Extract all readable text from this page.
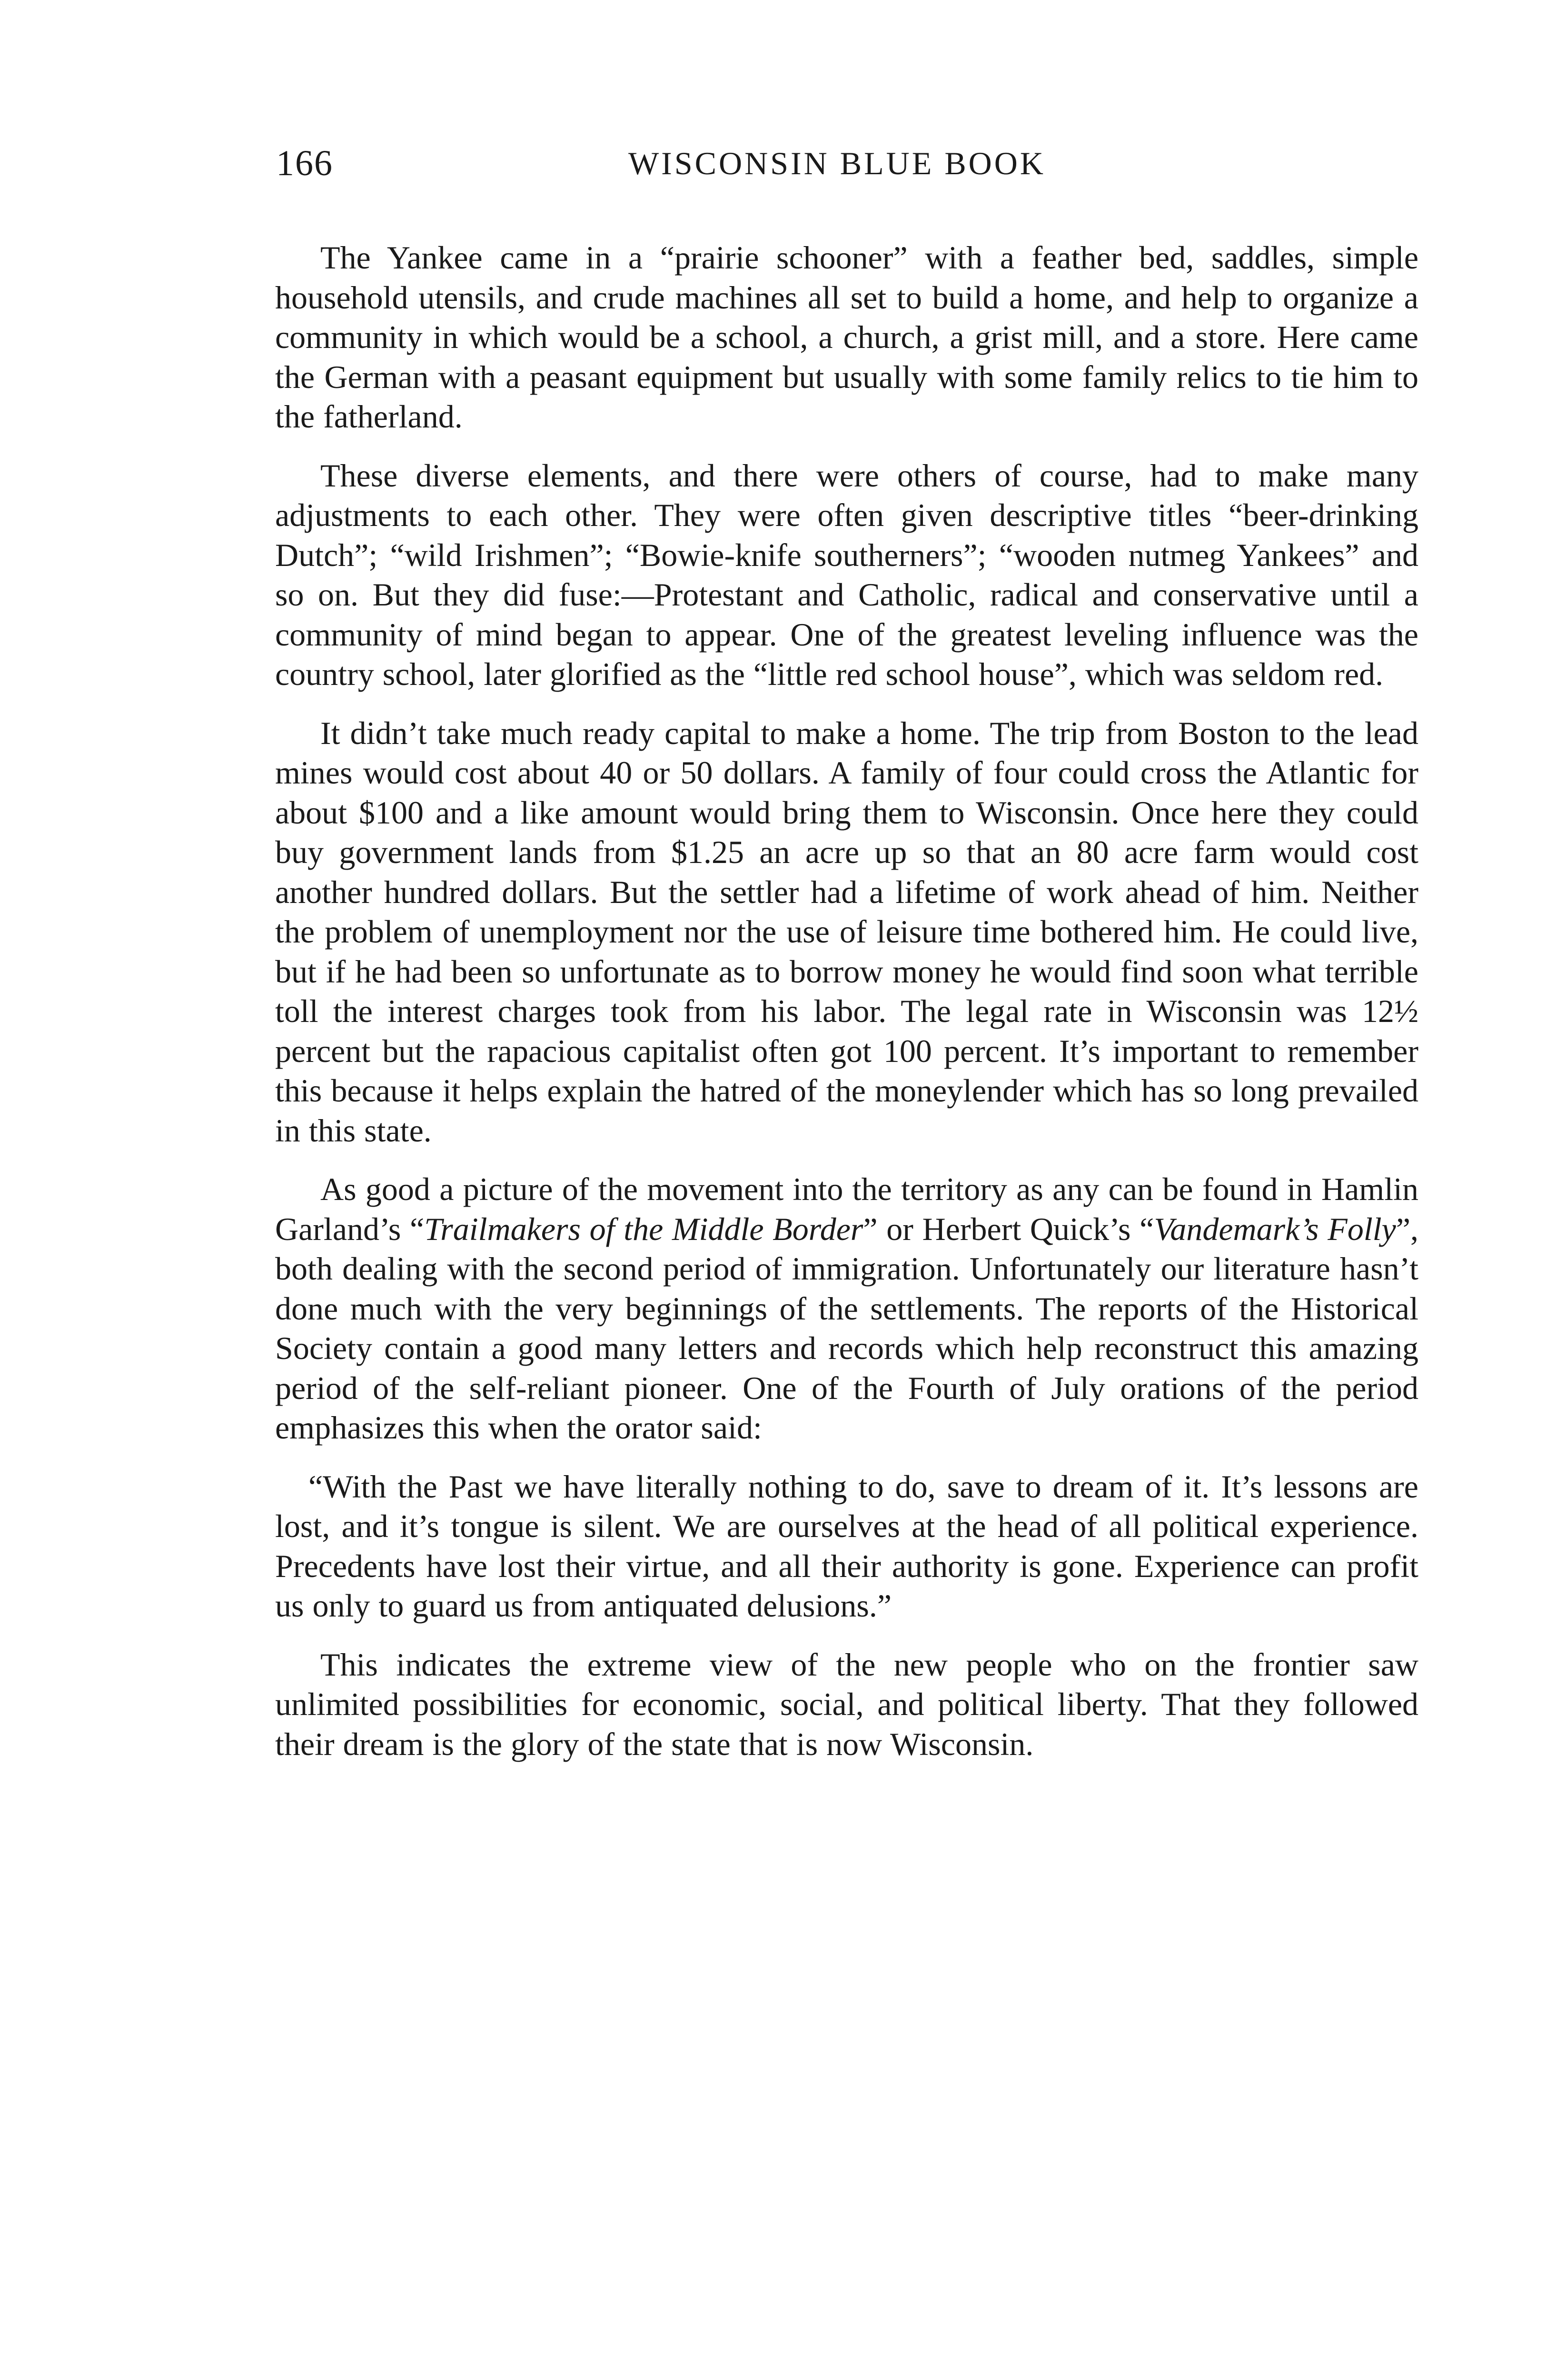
166	WISCONSIN BLUE BOOK

The Yankee came in a “prairie schooner” with a feather bed, saddles, simple household utensils, and crude machines all set to build a home, and help to organize a community in which would be a school, a church, a grist mill, and a store. Here came the German with a peasant equipment but usually with some family relics to tie him to the fatherland.

These diverse elements, and there were others of course, had to make many adjustments to each other. They were often given descriptive titles “beer-drinking Dutch”; “wild Irishmen”; “Bowie-knife southerners”; “wooden nutmeg Yankees” and so on. But they did fuse:—Protestant and Catholic, radical and conservative until a community of mind began to appear. One of the greatest leveling influence was the country school, later glorified as the “little red school house”, which was seldom red.

It didn’t take much ready capital to make a home. The trip from Boston to the lead mines would cost about 40 or 50 dollars. A family of four could cross the Atlantic for about $100 and a like amount would bring them to Wisconsin. Once here they could buy government lands from $1.25 an acre up so that an 80 acre farm would cost another hundred dollars. But the settler had a lifetime of work ahead of him. Neither the problem of unemployment nor the use of leisure time bothered him. He could live, but if he had been so unfortunate as to borrow money he would find soon what terrible toll the interest charges took from his labor. The legal rate in Wisconsin was 12½ percent but the rapacious capitalist often got 100 percent. It’s important to remember this because it helps explain the hatred of the moneylender which has so long prevailed in this state.

As good a picture of the movement into the territory as any can be found in Hamlin Garland’s “Trailmakers of the Middle Border” or Herbert Quick’s “Vandemark’s Folly”, both dealing with the second period of immigration. Unfortunately our literature hasn’t done much with the very beginnings of the settlements. The reports of the Historical Society contain a good many letters and records which help reconstruct this amazing period of the self-reliant pioneer. One of the Fourth of July orations of the period emphasizes this when the orator said:

“With the Past we have literally nothing to do, save to dream of it. It’s lessons are lost, and it’s tongue is silent. We are ourselves at the head of all political experience. Precedents have lost their virtue, and all their authority is gone. Experience can profit us only to guard us from antiquated delusions.”

This indicates the extreme view of the new people who on the frontier saw unlimited possibilities for economic, social, and political liberty. That they followed their dream is the glory of the state that is now Wisconsin.
